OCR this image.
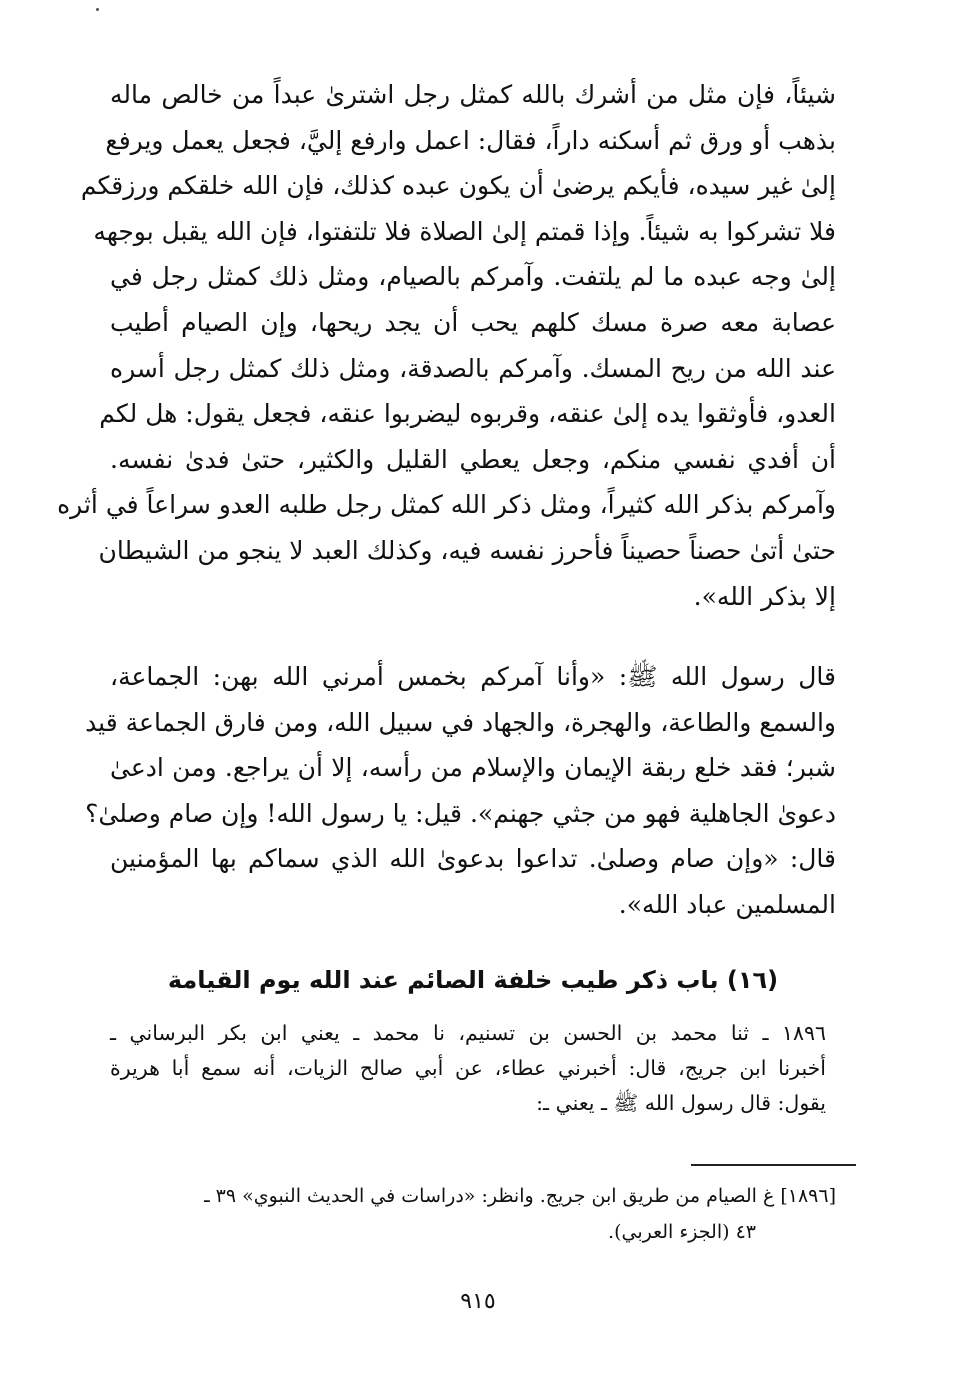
شيئاً، فإن مثل من أشرك بالله كمثل رجل اشترىٰ عبداً من خالص ماله
بذهب أو ورق ثم أسكنه داراً، فقال: اعمل وارفع إليَّ، فجعل يعمل ويرفع
إلىٰ غير سيده، فأيكم يرضىٰ أن يكون عبده كذلك، فإن الله خلقكم ورزقكم
فلا تشركوا به شيئاً. وإذا قمتم إلىٰ الصلاة فلا تلتفتوا، فإن الله يقبل بوجهه
إلىٰ وجه عبده ما لم يلتفت. وآمركم بالصيام، ومثل ذلك كمثل رجل في
عصابة معه صرة مسك كلهم يحب أن يجد ريحها، وإن الصيام أطيب
عند الله من ريح المسك. وآمركم بالصدقة، ومثل ذلك كمثل رجل أسره
العدو، فأوثقوا يده إلىٰ عنقه، وقربوه ليضربوا عنقه، فجعل يقول: هل لكم
أن أفدي نفسي منكم، وجعل يعطي القليل والكثير، حتىٰ فدىٰ نفسه.
وآمركم بذكر الله كثيراً، ومثل ذكر الله كمثل رجل طلبه العدو سراعاً في أثره
حتىٰ أتىٰ حصناً حصيناً فأحرز نفسه فيه، وكذلك العبد لا ينجو من الشيطان
إلا بذكر الله».
قال رسول الله ﷺ: «وأنا آمركم بخمس أمرني الله بهن: الجماعة،
والسمع والطاعة، والهجرة، والجهاد في سبيل الله، ومن فارق الجماعة قيد
شبر؛ فقد خلع ربقة الإيمان والإسلام من رأسه، إلا أن يراجع. ومن ادعىٰ
دعوىٰ الجاهلية فهو من جثي جهنم». قيل: يا رسول الله! وإن صام وصلىٰ؟
قال: «وإن صام وصلىٰ. تداعوا بدعوىٰ الله الذي سماكم بها المؤمنين
المسلمين عباد الله».
(١٦) باب ذكر طيب خلفة الصائم عند الله يوم القيامة
١٨٩٦ ـ ثنا محمد بن الحسن بن تسنيم، نا محمد ـ يعني ابن بكر البرساني ـ
أخبرنا ابن جريج، قال: أخبرني عطاء، عن أبي صالح الزيات، أنه سمع أبا هريرة
يقول: قال رسول الله ﷺ ـ يعني ـ:
[١٨٩٦] غ الصيام من طريق ابن جريج. وانظر: «دراسات في الحديث النبوي» ٣٩ ـ
٤٣ (الجزء العربي).
٩١٥
